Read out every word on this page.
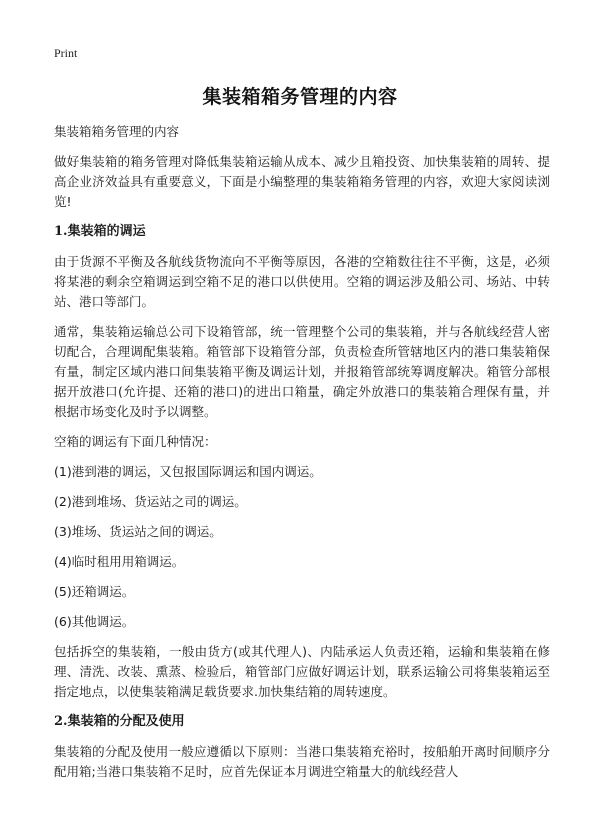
Print
集装箱箱务管理的内容

集装箱箱务管理的内容

做好集装箱的箱务管理对降低集装箱运输从成本、减少且箱投资、加快集装箱的周转、提高企业济效益具有重要意义，下面是小编整理的集装箱箱务管理的内容，欢迎大家阅读浏览!

1.集装箱的调运

由于货源不平衡及各航线货物流向不平衡等原因，各港的空箱数往往不平衡，这是，必须将某港的剩余空箱调运到空箱不足的港口以供使用。空箱的调运涉及船公司、场站、中转站、港口等部门。

通常，集装箱运输总公司下设箱管部，统一管理整个公司的集装箱，并与各航线经营人密切配合，合理调配集装箱。箱管部下设箱管分部，负责检查所管辖地区内的港口集装箱保有量，制定区域内港口间集装箱平衡及调运计划，并报箱管部统筹调度解决。箱管分部根据开放港口(允许提、还箱的港口)的进出口箱量，确定外放港口的集装箱合理保有量，并根据市场变化及时予以调整。

空箱的调运有下面几种情况：

(1)港到港的调运，又包报国际调运和国内调运。
(2)港到堆场、货运站之司的调运。
(3)堆场、货运站之间的调运。
(4)临时租用用箱调运。
(5)还箱调运。
(6)其他调运。

包括拆空的集装箱，一般由货方(或其代理人)、内陆承运人负责还箱，运输和集装箱在修理、清洗、改装、熏蒸、检验后，箱管部门应做好调运计划，联系运输公司将集装箱运至指定地点，以使集装箱满足载货要求.加快集结箱的周转速度。

2.集装箱的分配及使用

集装箱的分配及使用一般应遵循以下原则：当港口集装箱充裕时，按船舶开离时间顺序分配用箱;当港口集装箱不足时，应首先保证本月调进空箱量大的航线经营人
